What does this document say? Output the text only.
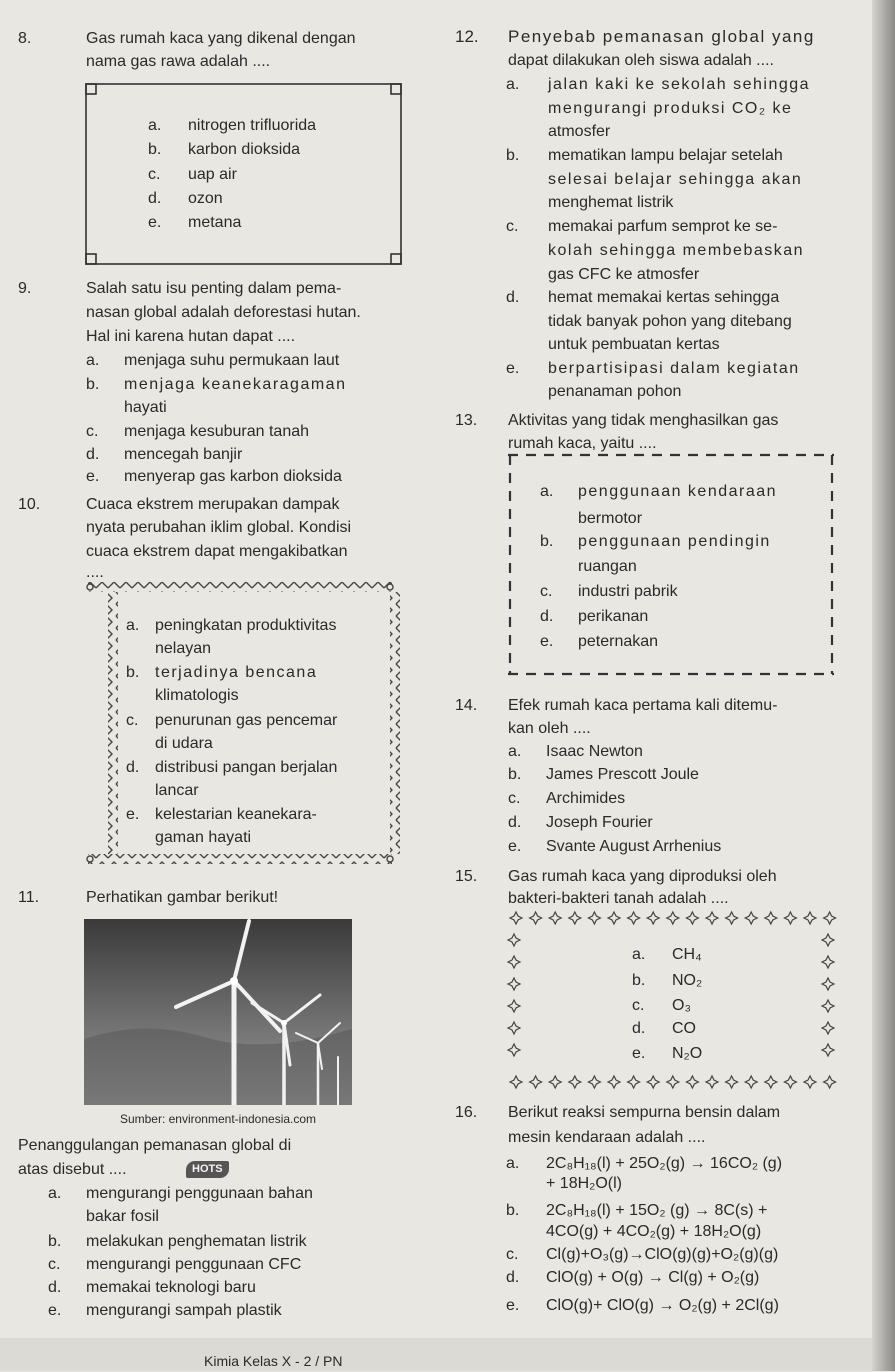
8.	Gas rumah kaca yang dikenal dengan
nama gas rawa adalah ....
a. nitrogen trifluorida
b. karbon dioksida
c. uap air
d. ozon
e. metana
9.	Salah satu isu penting dalam pema-
nasan global adalah deforestasi hutan.
Hal ini karena hutan dapat ....
a. menjaga suhu permukaan laut
b. menjaga keanekaragaman
hayati
c. menjaga kesuburan tanah
d. mencegah banjir
e. menyerap gas karbon dioksida
10.	Cuaca ekstrem merupakan dampak
nyata perubahan iklim global. Kondisi
cuaca ekstrem dapat mengakibatkan
....
a. peningkatan produktivitas
nelayan
b. terjadinya bencana
klimatologis
c. penurunan gas pencemar
di udara
d. distribusi pangan berjalan
lancar
e. kelestarian keanekara-
gaman hayati
11.	Perhatikan gambar berikut!
Sumber: environment-indonesia.com
Penanggulangan pemanasan global di
atas disebut ....	HOTS
a. mengurangi penggunaan bahan
bakar fosil
b. melakukan penghematan listrik
c. mengurangi penggunaan CFC
d. memakai teknologi baru
e. mengurangi sampah plastik
12. Penyebab pemanasan global yang
dapat dilakukan oleh siswa adalah ....
a. jalan kaki ke sekolah sehingga
mengurangi produksi CO₂ ke
atmosfer
b. mematikan lampu belajar setelah
selesai belajar sehingga akan
menghemat listrik
c. memakai parfum semprot ke se-
kolah sehingga membebaskan
gas CFC ke atmosfer
d. hemat memakai kertas sehingga
tidak banyak pohon yang ditebang
untuk pembuatan kertas
e. berpartisipasi dalam kegiatan
penanaman pohon
13. Aktivitas yang tidak menghasilkan gas
rumah kaca, yaitu ....
a. penggunaan kendaraan
bermotor
b. penggunaan pendingin
ruangan
c. industri pabrik
d. perikanan
e. peternakan
14. Efek rumah kaca pertama kali ditemu-
kan oleh ....
a. Isaac Newton
b. James Prescott Joule
c. Archimides
d. Joseph Fourier
e. Svante August Arrhenius
15. Gas rumah kaca yang diproduksi oleh
bakteri-bakteri tanah adalah ....
a. CH₄
b. NO₂
c. O₃
d. CO
e. N₂O
16. Berikut reaksi sempurna bensin dalam
mesin kendaraan adalah ....
a. 2C₈H₁₈(l) + 25O₂(g) → 16CO₂ (g)
+ 18H₂O(l)
b. 2C₈H₁₈(l) + 15O₂ (g) → 8C(s) +
4CO(g) + 4CO₂(g) + 18H₂O(g)
c. Cl(g)+O₃(g)→ClO(g)(g)+O₂(g)(g)
d. ClO(g) + O(g) → Cl(g) + O₂(g)
e. ClO(g)+ ClO(g) → O₂(g) + 2Cl(g)
Kimia Kelas X - 2 / PN
